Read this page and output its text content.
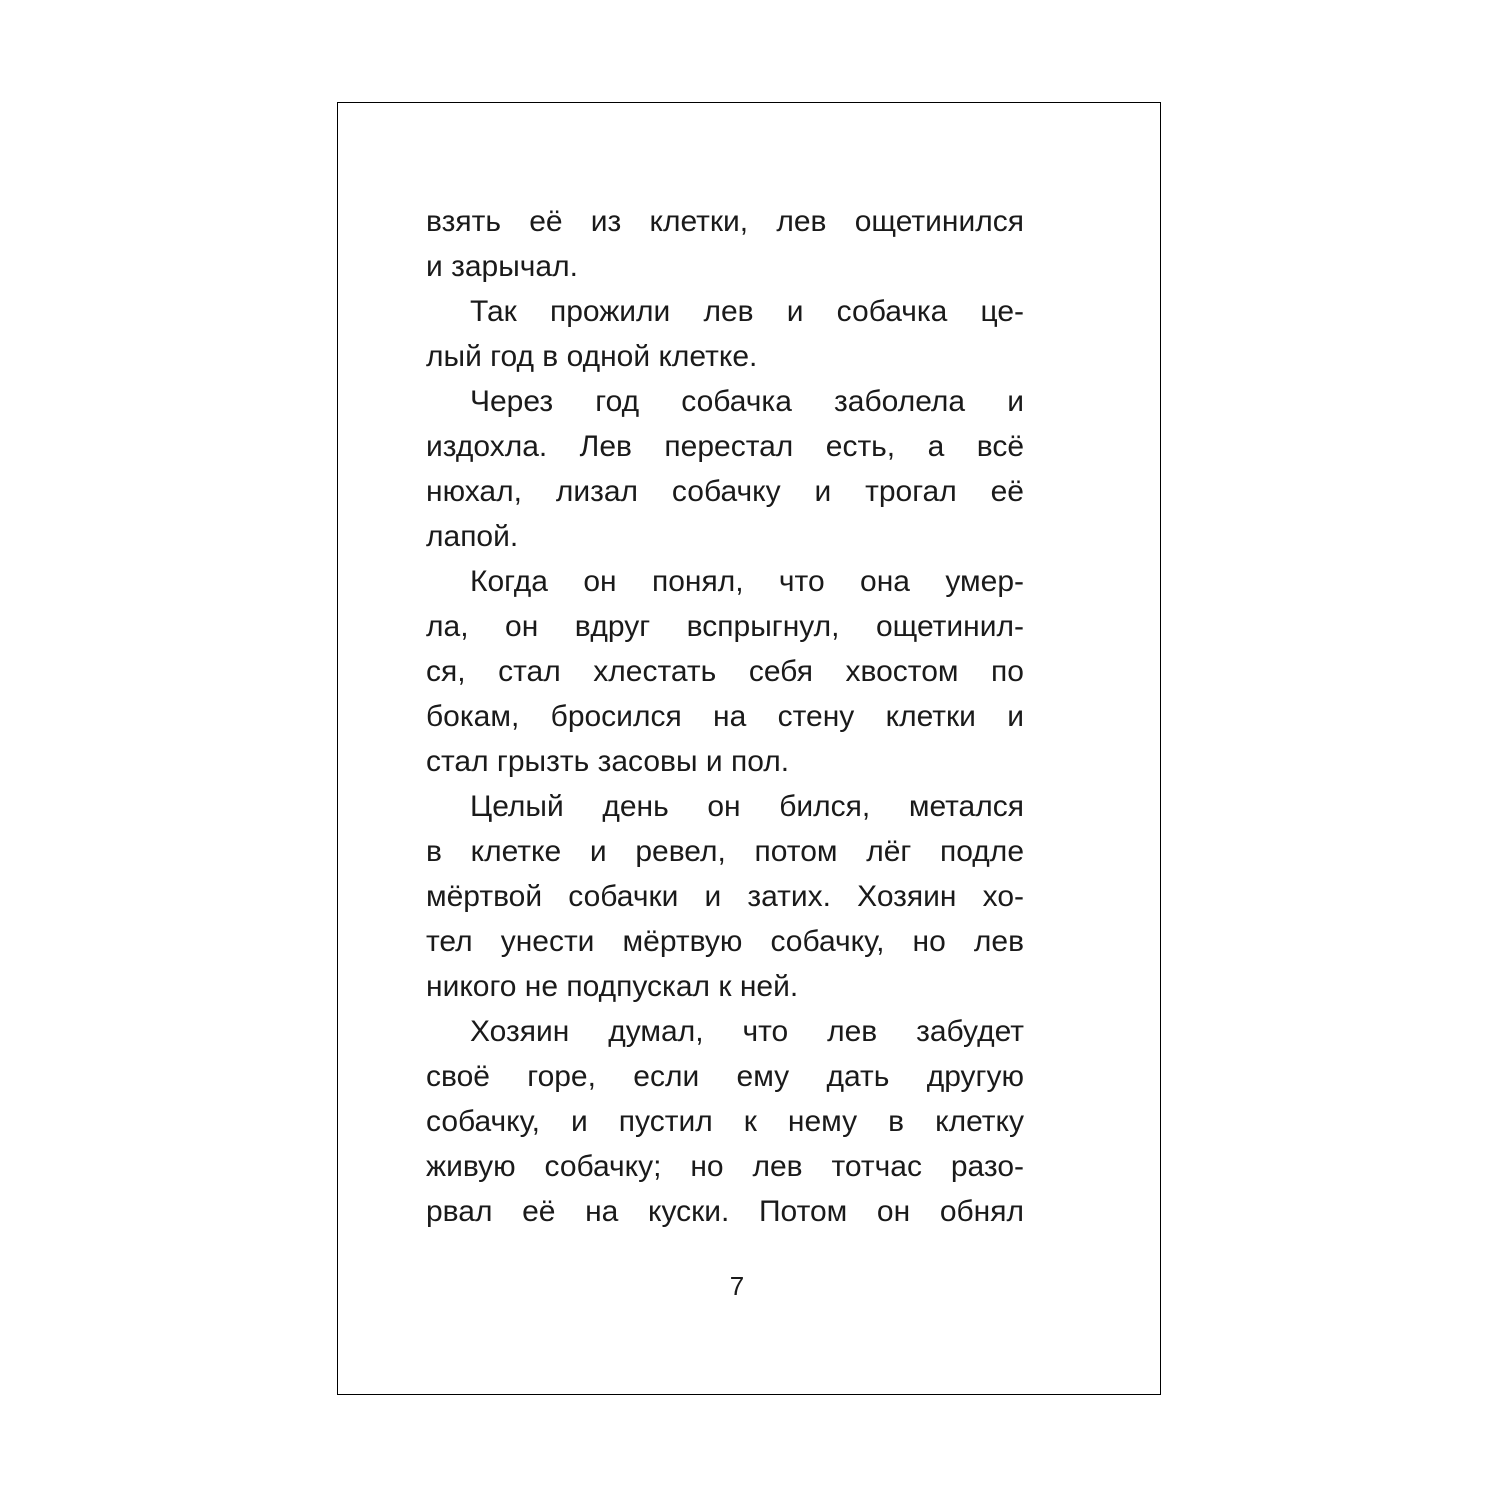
взять её из клетки, лев ощетинился
и зарычал.
Так прожили лев и собачка це-
лый год в одной клетке.
Через год собачка заболела и
издохла. Лев перестал есть, а всё
нюхал, лизал собачку и трогал её
лапой.
Когда он понял, что она умер-
ла, он вдруг вспрыгнул, ощетинил-
ся, стал хлестать себя хвостом по
бокам, бросился на стену клетки и
стал грызть засовы и пол.
Целый день он бился, метался
в клетке и ревел, потом лёг подле
мёртвой собачки и затих. Хозяин хо-
тел унести мёртвую собачку, но лев
никого не подпускал к ней.
Хозяин думал, что лев забудет
своё горе, если ему дать другую
собачку, и пустил к нему в клетку
живую собачку; но лев тотчас разо-
рвал её на куски. Потом он обнял
7
